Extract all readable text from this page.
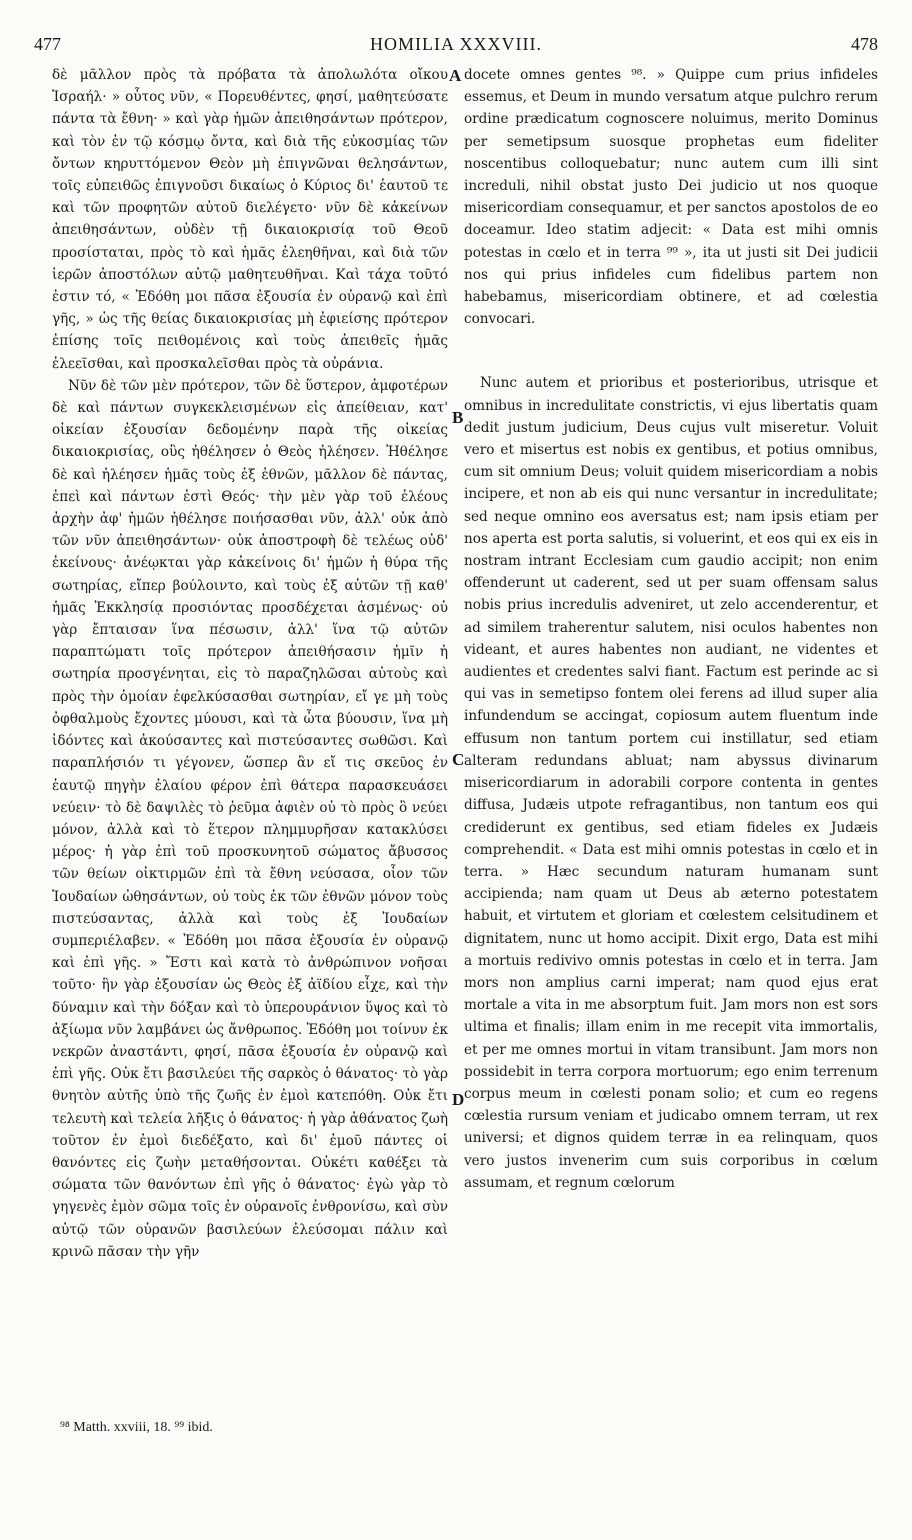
477	HOMILIA XXXVIII.	478

δὲ μᾶλλον πρὸς τὰ πρόβατα τὰ ἀπολωλότα οἴκου Ἰσραήλ· » οὗτος νῦν, « Πορευθέντες, φησί, μαθητεύσατε πάντα τὰ ἔθνη· » καὶ γὰρ ἡμῶν ἀπειθησάντων πρότερον, καὶ τὸν ἐν τῷ κόσμῳ ὄντα, καὶ διὰ τῆς εὐκοσμίας τῶν ὄντων κηρυττόμενον Θεὸν μὴ ἐπιγνῶναι θελησάντων, τοῖς εὐπειθῶς ἐπιγνοῦσι δικαίως ὁ Κύριος δι' ἑαυτοῦ τε καὶ τῶν προφητῶν αὐτοῦ διελέγετο· νῦν δὲ κἀκείνων ἀπειθησάντων, οὐδὲν τῇ δικαιοκρισίᾳ τοῦ Θεοῦ προσίσταται, πρὸς τὸ καὶ ἡμᾶς ἐλεηθῆναι, καὶ διὰ τῶν ἱερῶν ἀποστόλων αὐτῷ μαθητευθῆναι. Καὶ τάχα τοῦτό ἐστιν τό, « Ἐδόθη μοι πᾶσα ἐξουσία ἐν οὐρανῷ καὶ ἐπὶ γῆς, » ὡς τῆς θείας δικαιοκρισίας μὴ ἐφιείσης πρότερον ἐπίσης τοῖς πειθομένοις καὶ τοὺς ἀπειθεῖς ἡμᾶς ἐλεεῖσθαι, καὶ προσκαλεῖσθαι πρὸς τὰ οὐράνια.

Νῦν δὲ τῶν μὲν πρότερον, τῶν δὲ ὕστερον, ἀμφοτέρων δὲ καὶ πάντων συγκεκλεισμένων εἰς ἀπείθειαν, κατ' οἰκείαν ἐξουσίαν δεδομένην παρὰ τῆς οἰκείας δικαιοκρισίας, οὓς ἠθέλησεν ὁ Θεὸς ἠλέησεν. Ἠθέλησε δὲ καὶ ἠλέησεν ἡμᾶς τοὺς ἐξ ἐθνῶν, μᾶλλον δὲ πάντας, ἐπεὶ καὶ πάντων ἐστὶ Θεός· τὴν μὲν γὰρ τοῦ ἐλέους ἀρχὴν ἀφ' ἡμῶν ἠθέλησε ποιήσασθαι νῦν, ἀλλ' οὐκ ἀπὸ τῶν νῦν ἀπειθησάντων· οὐκ ἀποστροφὴ δὲ τελέως οὐδ' ἐκείνους· ἀνέῳκται γὰρ κἀκείνοις δι' ἡμῶν ἡ θύρα τῆς σωτηρίας, εἴπερ βούλοιντο, καὶ τοὺς ἐξ αὐτῶν τῇ καθ' ἡμᾶς Ἐκκλησίᾳ προσιόντας προσδέχεται ἀσμένως· οὐ γὰρ ἔπταισαν ἵνα πέσωσιν, ἀλλ' ἵνα τῷ αὐτῶν παραπτώματι τοῖς πρότερον ἀπειθήσασιν ἡμῖν ἡ σωτηρία προσγένηται, εἰς τὸ παραζηλῶσαι αὐτοὺς καὶ πρὸς τὴν ὁμοίαν ἐφελκύσασθαι σωτηρίαν, εἴ γε μὴ τοὺς ὀφθαλμοὺς ἔχοντες μύουσι, καὶ τὰ ὦτα βύουσιν, ἵνα μὴ ἰδόντες καὶ ἀκούσαντες καὶ πιστεύσαντες σωθῶσι. Καὶ παραπλήσιόν τι γέγονεν, ὥσπερ ἂν εἴ τις σκεῦος ἐν ἑαυτῷ πηγὴν ἐλαίου φέρον ἐπὶ θάτερα παρασκευάσει νεύειν· τὸ δὲ δαψιλὲς τὸ ῥεῦμα ἀφιὲν οὐ τὸ πρὸς ὃ νεύει μόνον, ἀλλὰ καὶ τὸ ἕτερον πλημμυρῆσαν κατακλύσει μέρος· ἡ γὰρ ἐπὶ τοῦ προσκυνητοῦ σώματος ἄβυσσος τῶν θείων οἰκτιρμῶν ἐπὶ τὰ ἔθνη νεύσασα, οἷον τῶν Ἰουδαίων ὠθησάντων, οὐ τοὺς ἐκ τῶν ἐθνῶν μόνον τοὺς πιστεύσαντας, ἀλλὰ καὶ τοὺς ἐξ Ἰουδαίων συμπεριέλαβεν. « Ἐδόθη μοι πᾶσα ἐξουσία ἐν οὐρανῷ καὶ ἐπὶ γῆς. » Ἔστι καὶ κατὰ τὸ ἀνθρώπινον νοῆσαι τοῦτο· ἣν γὰρ ἐξουσίαν ὡς Θεὸς ἐξ ἀϊδίου εἶχε, καὶ τὴν δύναμιν καὶ τὴν δόξαν καὶ τὸ ὑπερουράνιον ὕψος καὶ τὸ ἀξίωμα νῦν λαμβάνει ὡς ἄνθρωπος. Ἐδόθη μοι τοίνυν ἐκ νεκρῶν ἀναστάντι, φησί, πᾶσα ἐξουσία ἐν οὐρανῷ καὶ ἐπὶ γῆς. Οὐκ ἔτι βασιλεύει τῆς σαρκὸς ὁ θάνατος· τὸ γὰρ θνητὸν αὐτῆς ὑπὸ τῆς ζωῆς ἐν ἐμοὶ κατεπόθη. Οὐκ ἔτι τελευτὴ καὶ τελεία λῆξις ὁ θάνατος· ἡ γὰρ ἀθάνατος ζωὴ τοῦτον ἐν ἐμοὶ διεδέξατο, καὶ δι' ἐμοῦ πάντες οἱ θανόντες εἰς ζωὴν μεταθήσονται. Οὐκέτι καθέξει τὰ σώματα τῶν θανόντων ἐπὶ γῆς ὁ θάνατος· ἐγὼ γὰρ τὸ γηγενὲς ἐμὸν σῶμα τοῖς ἐν οὐρανοῖς ἐνθρονίσω, καὶ σὺν αὐτῷ τῶν οὐρανῶν βασιλεύων ἐλεύσομαι πάλιν καὶ κρινῶ πᾶσαν τὴν γῆν

A
B
C
D

docete omnes gentes ⁹⁸. » Quippe cum prius infideles essemus, et Deum in mundo versatum atque pulchro rerum ordine prædicatum cognoscere noluimus, merito Dominus per semetipsum suosque prophetas eum fideliter noscentibus colloquebatur; nunc autem cum illi sint increduli, nihil obstat justo Dei judicio ut nos quoque misericordiam consequamur, et per sanctos apostolos de eo doceamur. Ideo statim adjecit: « Data est mihi omnis potestas in cœlo et in terra ⁹⁹ », ita ut justi sit Dei judicii nos qui prius infideles cum fidelibus partem non habebamus, misericordiam obtinere, et ad cœlestia convocari.

Nunc autem et prioribus et posterioribus, utrisque et omnibus in incredulitate constrictis, vi ejus libertatis quam dedit justum judicium, Deus cujus vult miseretur. Voluit vero et misertus est nobis ex gentibus, et potius omnibus, cum sit omnium Deus; voluit quidem misericordiam a nobis incipere, et non ab eis qui nunc versantur in incredulitate; sed neque omnino eos aversatus est; nam ipsis etiam per nos aperta est porta salutis, si voluerint, et eos qui ex eis in nostram intrant Ecclesiam cum gaudio accipit; non enim offenderunt ut caderent, sed ut per suam offensam salus nobis prius incredulis adveniret, ut zelo accenderentur, et ad similem traherentur salutem, nisi oculos habentes non videant, et aures habentes non audiant, ne videntes et audientes et credentes salvi fiant. Factum est perinde ac si qui vas in semetipso fontem olei ferens ad illud super alia infundendum se accingat, copiosum autem fluentum inde effusum non tantum portem cui instillatur, sed etiam alteram redundans abluat; nam abyssus divinarum misericordiarum in adorabili corpore contenta in gentes diffusa, Judæis utpote refragantibus, non tantum eos qui crediderunt ex gentibus, sed etiam fideles ex Judæis comprehendit. « Data est mihi omnis potestas in cœlo et in terra. » Hæc secundum naturam humanam sunt accipienda; nam quam ut Deus ab æterno potestatem habuit, et virtutem et gloriam et cœlestem celsitudinem et dignitatem, nunc ut homo accipit. Dixit ergo, Data est mihi a mortuis redivivo omnis potestas in cœlo et in terra. Jam mors non amplius carni imperat; nam quod ejus erat mortale a vita in me absorptum fuit. Jam mors non est sors ultima et finalis; illam enim in me recepit vita immortalis, et per me omnes mortui in vitam transibunt. Jam mors non possidebit in terra corpora mortuorum; ego enim terrenum corpus meum in cœlesti ponam solio; et cum eo regens cœlestia rursum veniam et judicabo omnem terram, ut rex universi; et dignos quidem terræ in ea relinquam, quos vero justos invenerim cum suis corporibus in cœlum assumam, et regnum cœlorum

⁹⁸ Matth. xxviii, 18. ⁹⁹ ibid.
